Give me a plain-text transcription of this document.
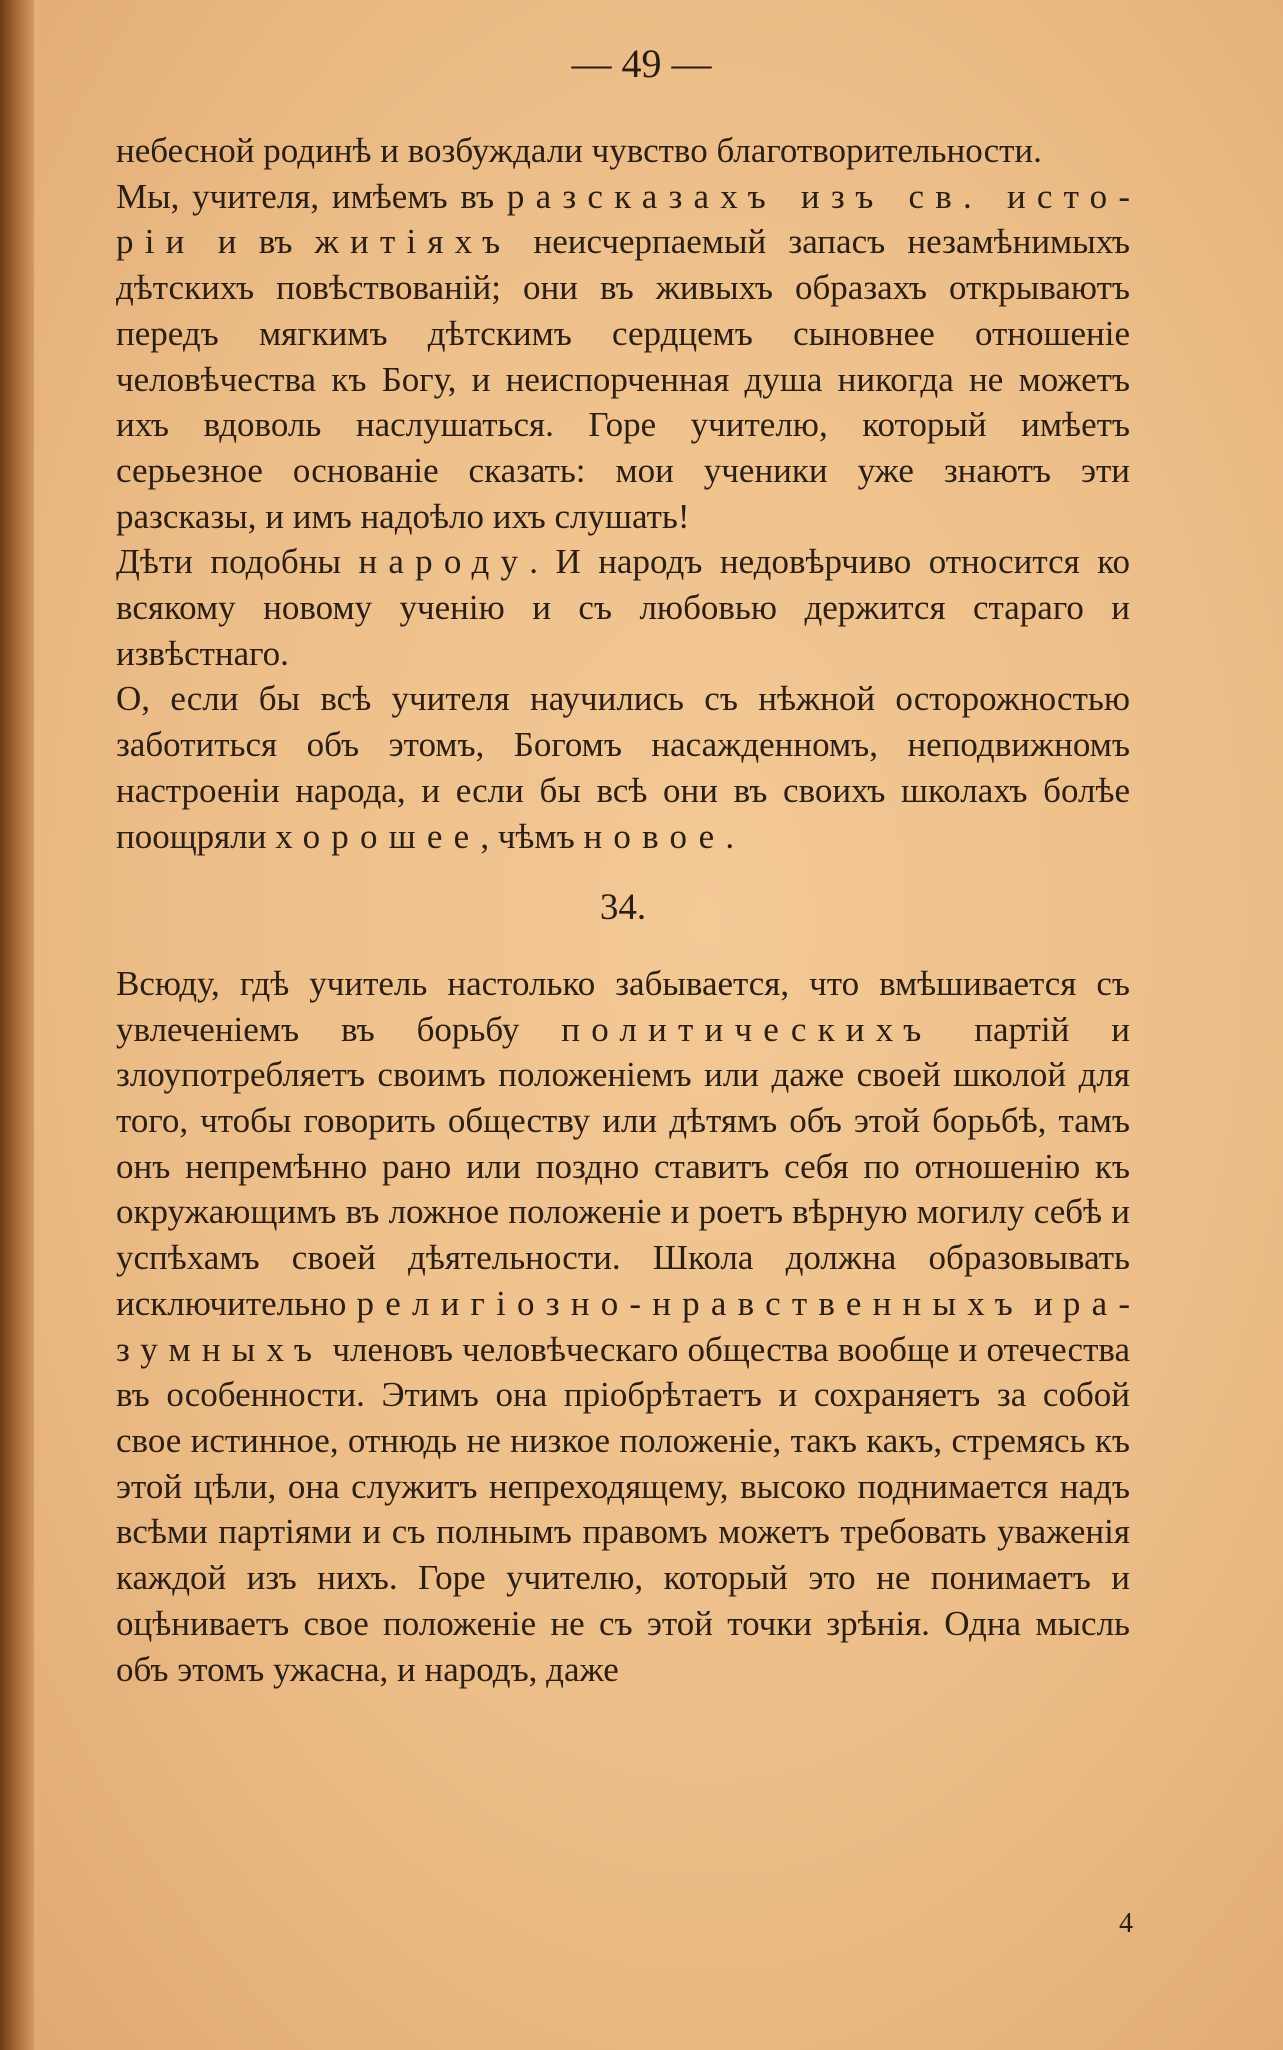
— 49 —

небесной родинѣ и возбуждали чувство благотворительности.

Мы, учителя, имѣемъ въ разсказахъ изъ св. исторіи и въ житіяхъ неисчерпаемый запасъ незамѣнимыхъ дѣтскихъ повѣствованій; они въ живыхъ образахъ открываютъ передъ мягкимъ дѣтскимъ сердцемъ сыновнее отношеніе человѣчества къ Богу, и неиспорченная душа никогда не можетъ ихъ вдоволь наслушаться. Горе учителю, который имѣетъ серьезное основаніе сказать: мои ученики уже знаютъ эти разсказы, и имъ надоѣло ихъ слушать!

Дѣти подобны народу. И народъ недовѣрчиво относится ко всякому новому ученію и съ любовью держится стараго и извѣстнаго.

О, если бы всѣ учителя научились съ нѣжной осторожностью заботиться объ этомъ, Богомъ насажденномъ, неподвижномъ настроеніи народа, и если бы всѣ они въ своихъ школахъ болѣе поощряли хорошее, чѣмъ новое.

34.

Всюду, гдѣ учитель настолько забывается, что вмѣшивается съ увлеченіемъ въ борьбу политическихъ партій и злоупотребляетъ своимъ положеніемъ или даже своей школой для того, чтобы говорить обществу или дѣтямъ объ этой борьбѣ, тамъ онъ непремѣнно рано или поздно ставитъ себя по отношенію къ окружающимъ въ ложное положеніе и роетъ вѣрную могилу себѣ и успѣхамъ своей дѣятельности. Школа должна образовывать исключительно религіозно-нравственныхъ и разумныхъ членовъ человѣческаго общества вообще и отечества въ особенности. Этимъ она пріобрѣтаетъ и сохраняетъ за собой свое истинное, отнюдь не низкое положеніе, такъ какъ, стремясь къ этой цѣли, она служитъ непреходящему, высоко поднимается надъ всѣми партіями и съ полнымъ правомъ можетъ требовать уваженія каждой изъ нихъ. Горе учителю, который это не понимаетъ и оцѣниваетъ свое положеніе не съ этой точки зрѣнія. Одна мысль объ этомъ ужасна, и народъ, даже

4
